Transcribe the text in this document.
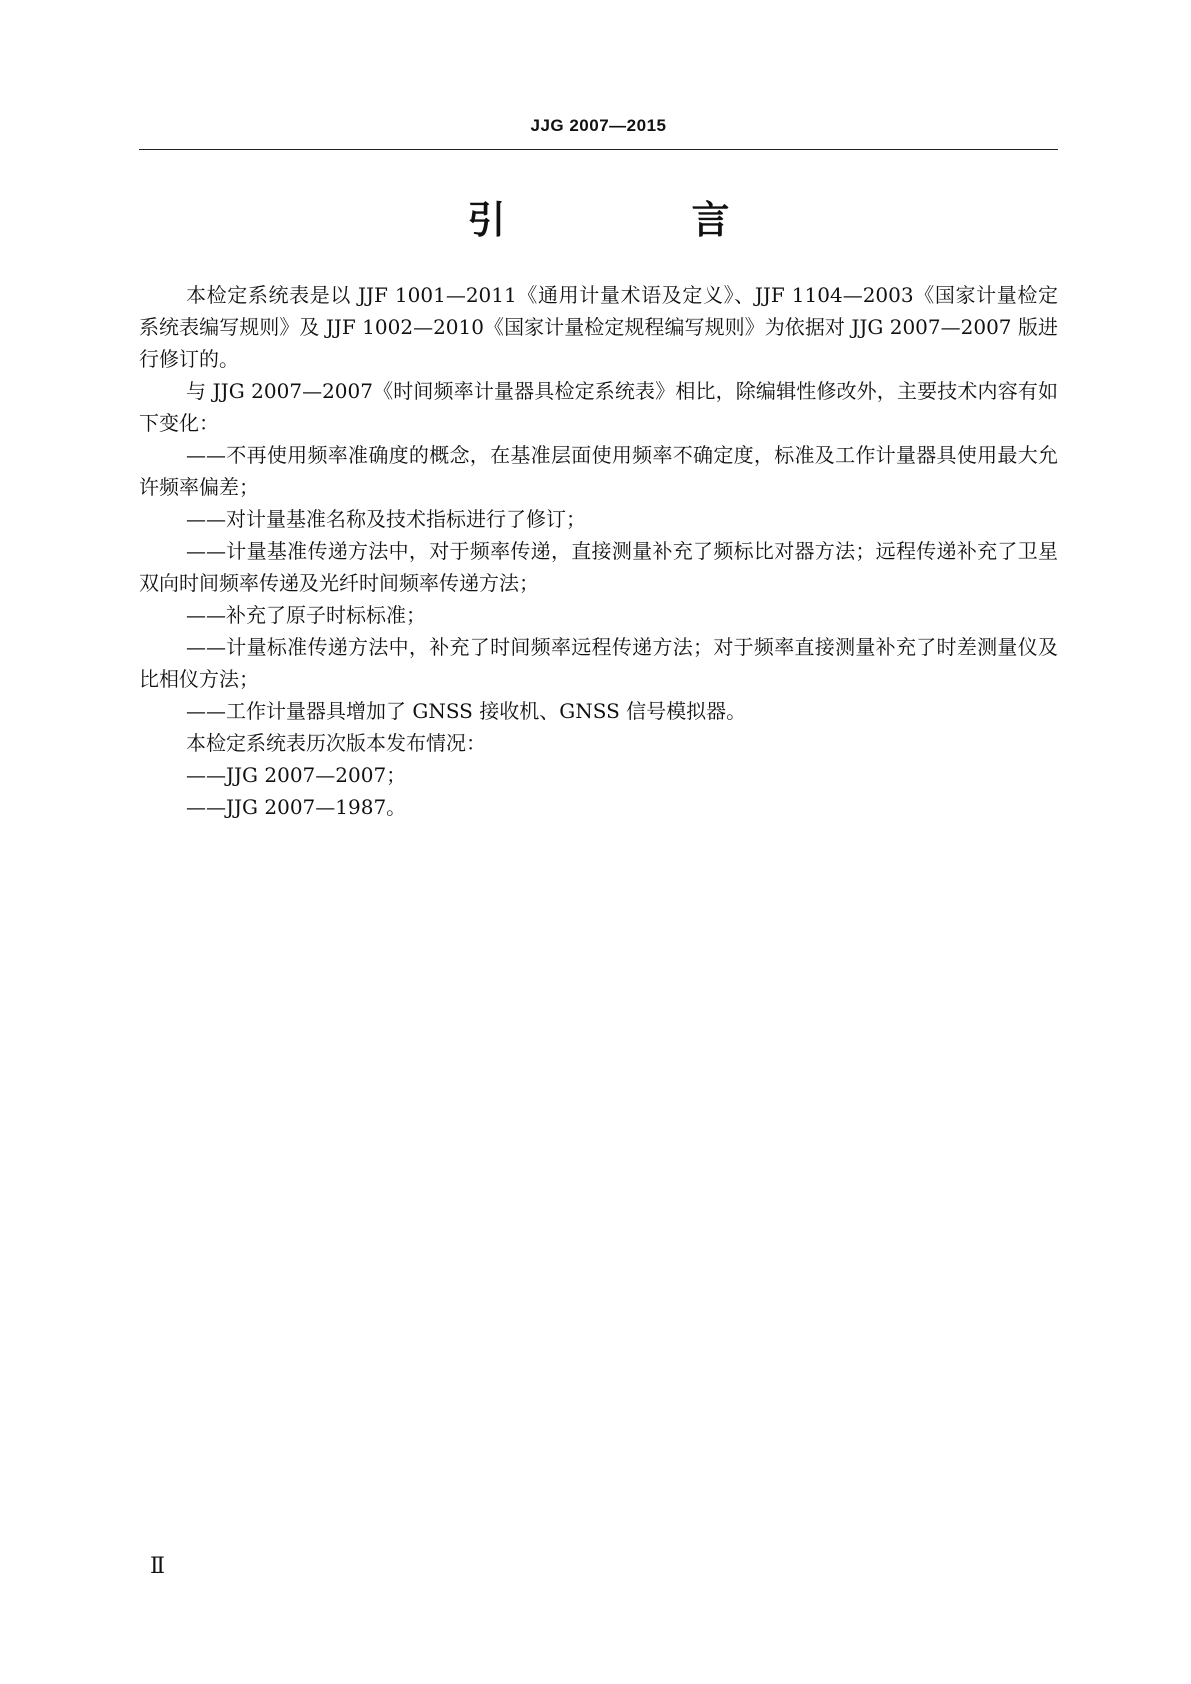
JJG 2007—2015
引　言

本检定系统表是以 JJF 1001—2011《通用计量术语及定义》、JJF 1104—2003《国家计量检定系统表编写规则》及 JJF 1002—2010《国家计量检定规程编写规则》为依据对 JJG 2007—2007 版进行修订的。

与 JJG 2007—2007《时间频率计量器具检定系统表》相比，除编辑性修改外，主要技术内容有如下变化：

——不再使用频率准确度的概念，在基准层面使用频率不确定度，标准及工作计量器具使用最大允许频率偏差；

——对计量基准名称及技术指标进行了修订；

——计量基准传递方法中，对于频率传递，直接测量补充了频标比对器方法；远程传递补充了卫星双向时间频率传递及光纤时间频率传递方法；

——补充了原子时标标准；

——计量标准传递方法中，补充了时间频率远程传递方法；对于频率直接测量补充了时差测量仪及比相仪方法；

——工作计量器具增加了 GNSS 接收机、GNSS 信号模拟器。

本检定系统表历次版本发布情况：

——JJG 2007—2007；

——JJG 2007—1987。

Ⅱ
